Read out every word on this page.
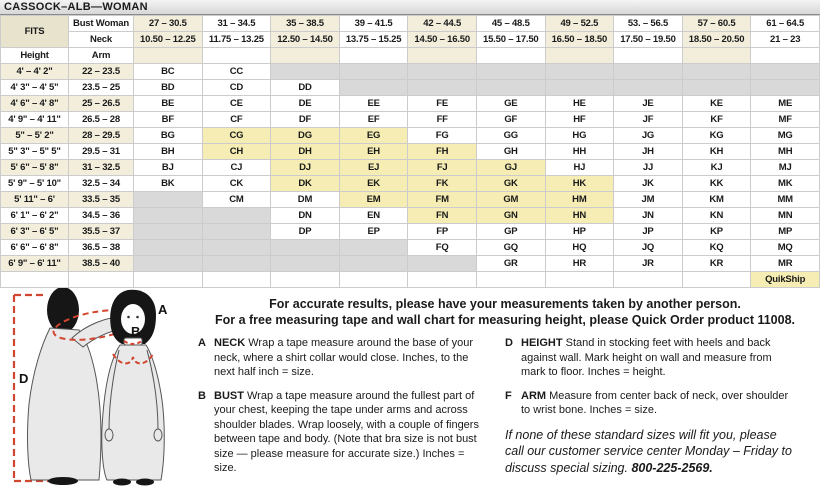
CASSOCK–ALB—WOMAN
FITS	Bust Woman	27 – 30.5	31 – 34.5	35 – 38.5	39 – 41.5	42 – 44.5	45 – 48.5	49 – 52.5	53. – 56.5	57 – 60.5	61 – 64.5
	Neck	10.50 – 12.25	11.75 – 13.25	12.50 – 14.50	13.75 – 15.25	14.50 – 16.50	15.50 – 17.50	16.50 – 18.50	17.50 – 19.50	18.50 – 20.50	21 – 23
Height	Arm										
4' – 4' 2"	22 – 23.5	BC	CC								
4' 3" – 4' 5"	23.5 – 25	BD	CD	DD							
4' 6" – 4' 8"	25 – 26.5	BE	CE	DE	EE	FE	GE	HE	JE	KE	ME
4' 9" – 4' 11"	26.5 – 28	BF	CF	DF	EF	FF	GF	HF	JF	KF	MF
5" – 5' 2"	28 – 29.5	BG	CG	DG	EG	FG	GG	HG	JG	KG	MG
5" 3" – 5" 5"	29.5 – 31	BH	CH	DH	EH	FH	GH	HH	JH	KH	MH
5' 6" – 5' 8"	31 – 32.5	BJ	CJ	DJ	EJ	FJ	GJ	HJ	JJ	KJ	MJ
5' 9" – 5' 10"	32.5 – 34	BK	CK	DK	EK	FK	GK	HK	JK	KK	MK
5' 11" – 6'	33.5 – 35		CM	DM	EM	FM	GM	HM	JM	KM	MM
6' 1" – 6' 2"	34.5 – 36			DN	EN	FN	GN	HN	JN	KN	MN
6' 3" – 6' 5"	35.5 – 37			DP	EP	FP	GP	HP	JP	KP	MP
6' 6" – 6' 8"	36.5 – 38					FQ	GQ	HQ	JQ	KQ	MQ
6' 9" – 6' 11"	38.5 – 40						GR	HR	JR	KR	MR
											QuikShip
D
A
B
For accurate results, please have your measurements taken by another person.
For a free measuring tape and wall chart for measuring height, please Quick Order product 11008.
A NECK Wrap a tape measure around the base of your neck, where a shirt collar would close. Inches, to the next half inch = size.
B BUST Wrap a tape measure around the fullest part of your chest, keeping the tape under arms and across shoulder blades. Wrap loosely, with a couple of fingers between tape and body. (Note that bra size is not bust size — please measure for accurate size.) Inches = size.
D HEIGHT Stand in stocking feet with heels and back against wall. Mark height on wall and measure from mark to floor. Inches = height.
F ARM Measure from center back of neck, over shoulder to wrist bone. Inches = size.
If none of these standard sizes will fit you, please call our customer service center Monday – Friday to discuss special sizing. 800-225-2569.
